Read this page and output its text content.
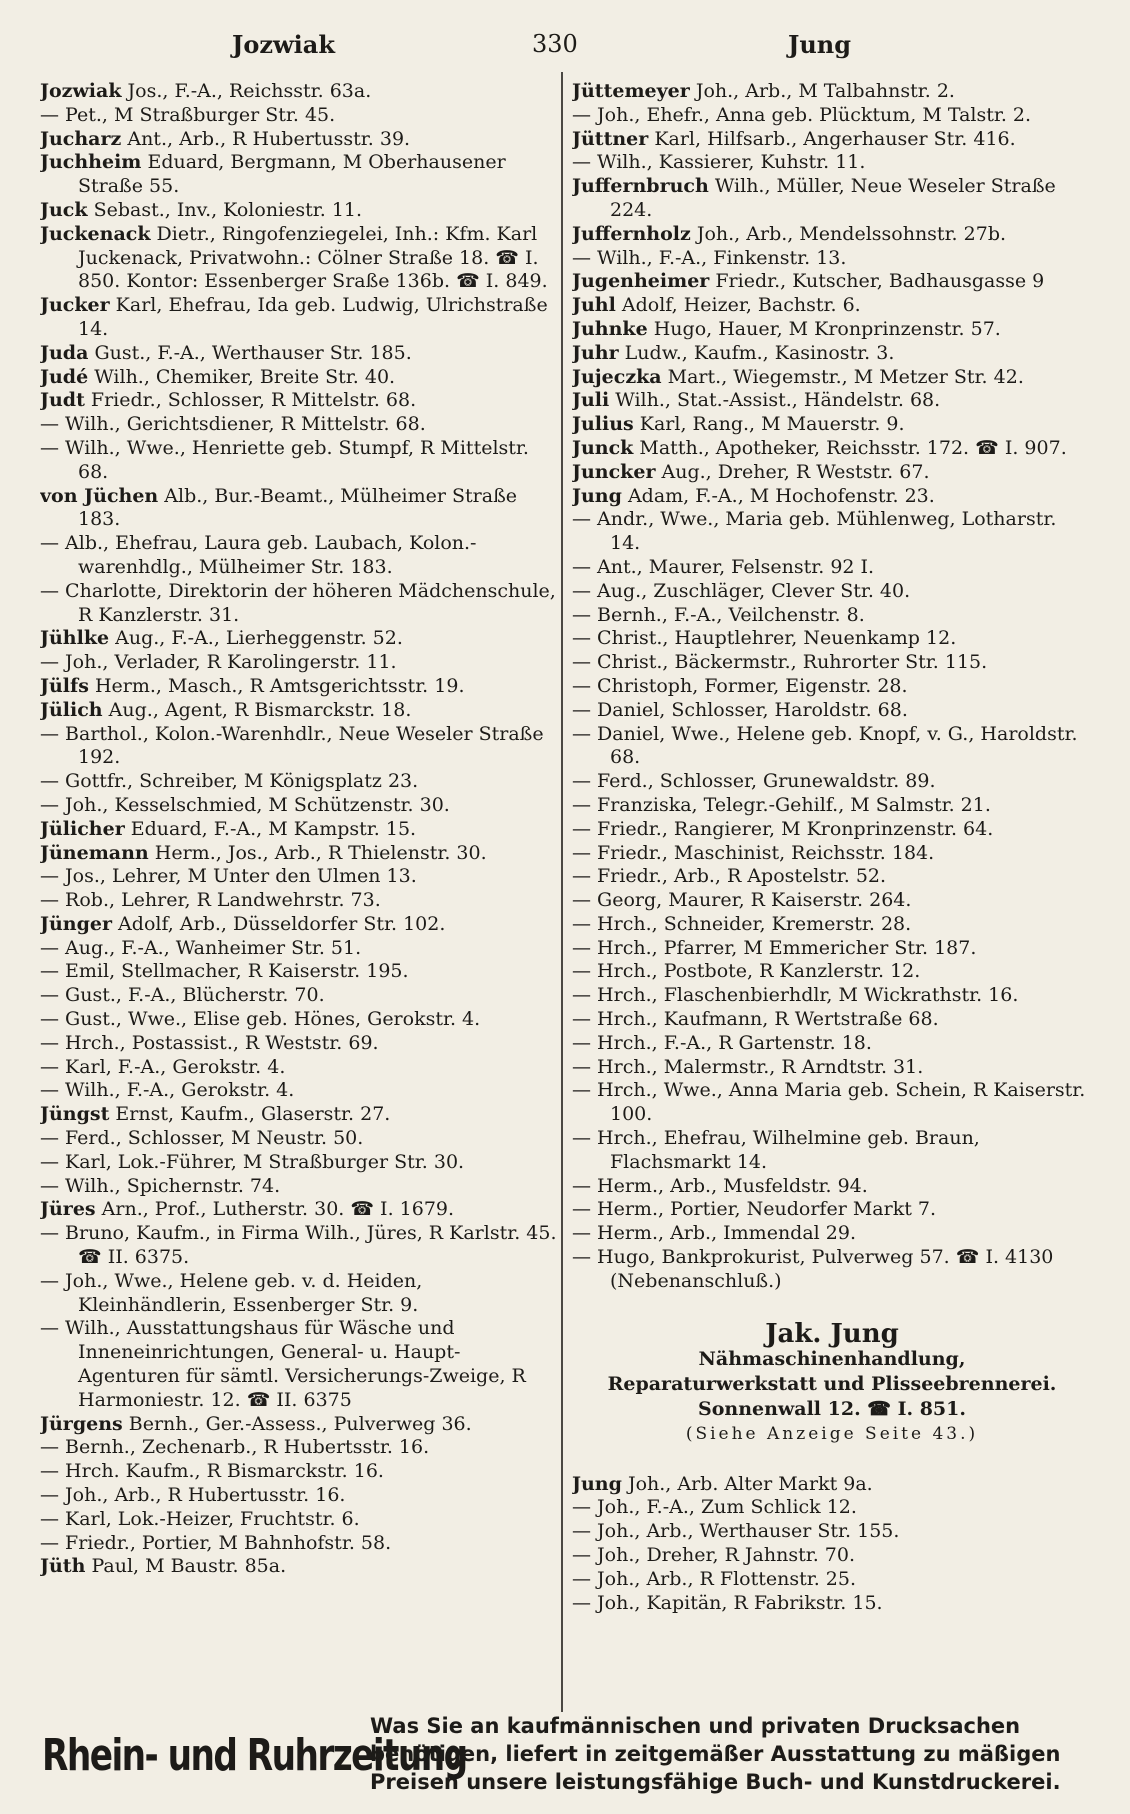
Jozwiak	330	Jung

Jozwiak Jos., F.-A., Reichsstr. 63a.

— Pet., M Straßburger Str. 45.

Jucharz Ant., Arb., R Hubertusstr. 39.

Juchheim Eduard, Bergmann, M Oberhausener Straße 55.

Juck Sebast., Inv., Koloniestr. 11.

Juckenack Dietr., Ringofenziegelei, Inh.: Kfm. Karl Juckenack, Privatwohn.: Cölner Straße 18. ☎ I. 850. Kontor: Essenberger Sraße 136b. ☎ I. 849.

Jucker Karl, Ehefrau, Ida geb. Ludwig, Ulrichstraße 14.

Juda Gust., F.-A., Werthauser Str. 185.

Judé Wilh., Chemiker, Breite Str. 40.

Judt Friedr., Schlosser, R Mittelstr. 68.

— Wilh., Gerichtsdiener, R Mittelstr. 68.

— Wilh., Wwe., Henriette geb. Stumpf, R Mittelstr. 68.

von Jüchen Alb., Bur.-Beamt., Mülheimer Straße 183.

— Alb., Ehefrau, Laura geb. Laubach, Kolon.-warenhdlg., Mülheimer Str. 183.

— Charlotte, Direktorin der höheren Mädchenschule, R Kanzlerstr. 31.

Jühlke Aug., F.-A., Lierheggenstr. 52.

— Joh., Verlader, R Karolingerstr. 11.

Jülfs Herm., Masch., R Amtsgerichtsstr. 19.

Jülich Aug., Agent, R Bismarckstr. 18.

— Barthol., Kolon.-Warenhdlr., Neue Weseler Straße 192.

— Gottfr., Schreiber, M Königsplatz 23.

— Joh., Kesselschmied, M Schützenstr. 30.

Jülicher Eduard, F.-A., M Kampstr. 15.

Jünemann Herm., Jos., Arb., R Thielenstr. 30.

— Jos., Lehrer, M Unter den Ulmen 13.

— Rob., Lehrer, R Landwehrstr. 73.

Jünger Adolf, Arb., Düsseldorfer Str. 102.

— Aug., F.-A., Wanheimer Str. 51.

— Emil, Stellmacher, R Kaiserstr. 195.

— Gust., F.-A., Blücherstr. 70.

— Gust., Wwe., Elise geb. Hönes, Gerokstr. 4.

— Hrch., Postassist., R Weststr. 69.

— Karl, F.-A., Gerokstr. 4.

— Wilh., F.-A., Gerokstr. 4.

Jüngst Ernst, Kaufm., Glaserstr. 27.

— Ferd., Schlosser, M Neustr. 50.

— Karl, Lok.-Führer, M Straßburger Str. 30.

— Wilh., Spichernstr. 74.

Jüres Arn., Prof., Lutherstr. 30. ☎ I. 1679.

— Bruno, Kaufm., in Firma Wilh., Jüres, R Karlstr. 45. ☎ II. 6375.

— Joh., Wwe., Helene geb. v. d. Heiden, Kleinhändlerin, Essenberger Str. 9.

— Wilh., Ausstattungshaus für Wäsche und Inneneinrichtungen, General- u. Haupt-Agenturen für sämtl. Versicherungs-Zweige, R Harmoniestr. 12. ☎ II. 6375

Jürgens Bernh., Ger.-Assess., Pulverweg 36.

— Bernh., Zechenarb., R Hubertsstr. 16.

— Hrch. Kaufm., R Bismarckstr. 16.

— Joh., Arb., R Hubertusstr. 16.

— Karl, Lok.-Heizer, Fruchtstr. 6.

— Friedr., Portier, M Bahnhofstr. 58.

Jüth Paul, M Baustr. 85a.

Jüttemeyer Joh., Arb., M Talbahnstr. 2.

— Joh., Ehefr., Anna geb. Plücktum, M Talstr. 2.

Jüttner Karl, Hilfsarb., Angerhauser Str. 416.

— Wilh., Kassierer, Kuhstr. 11.

Juffernbruch Wilh., Müller, Neue Weseler Straße 224.

Juffernholz Joh., Arb., Mendelssohnstr. 27b.

— Wilh., F.-A., Finkenstr. 13.

Jugenheimer Friedr., Kutscher, Badhausgasse 9

Juhl Adolf, Heizer, Bachstr. 6.

Juhnke Hugo, Hauer, M Kronprinzenstr. 57.

Juhr Ludw., Kaufm., Kasinostr. 3.

Jujeczka Mart., Wiegemstr., M Metzer Str. 42.

Juli Wilh., Stat.-Assist., Händelstr. 68.

Julius Karl, Rang., M Mauerstr. 9.

Junck Matth., Apotheker, Reichsstr. 172. ☎ I. 907.

Juncker Aug., Dreher, R Weststr. 67.

Jung Adam, F.-A., M Hochofenstr. 23.

— Andr., Wwe., Maria geb. Mühlenweg, Lotharstr. 14.

— Ant., Maurer, Felsenstr. 92 I.

— Aug., Zuschläger, Clever Str. 40.

— Bernh., F.-A., Veilchenstr. 8.

— Christ., Hauptlehrer, Neuenkamp 12.

— Christ., Bäckermstr., Ruhrorter Str. 115.

— Christoph, Former, Eigenstr. 28.

— Daniel, Schlosser, Haroldstr. 68.

— Daniel, Wwe., Helene geb. Knopf, v. G., Haroldstr. 68.

— Ferd., Schlosser, Grunewaldstr. 89.

— Franziska, Telegr.-Gehilf., M Salmstr. 21.

— Friedr., Rangierer, M Kronprinzenstr. 64.

— Friedr., Maschinist, Reichsstr. 184.

— Friedr., Arb., R Apostelstr. 52.

— Georg, Maurer, R Kaiserstr. 264.

— Hrch., Schneider, Kremerstr. 28.

— Hrch., Pfarrer, M Emmericher Str. 187.

— Hrch., Postbote, R Kanzlerstr. 12.

— Hrch., Flaschenbierhdlr, M Wickrathstr. 16.

— Hrch., Kaufmann, R Wertstraße 68.

— Hrch., F.-A., R Gartenstr. 18.

— Hrch., Malermstr., R Arndtstr. 31.

— Hrch., Wwe., Anna Maria geb. Schein, R Kaiserstr. 100.

— Hrch., Ehefrau, Wilhelmine geb. Braun, Flachsmarkt 14.

— Herm., Arb., Musfeldstr. 94.

— Herm., Portier, Neudorfer Markt 7.

— Herm., Arb., Immendal 29.

— Hugo, Bankprokurist, Pulverweg 57. ☎ I. 4130 (Nebenanschluß.)

Jak. Jung
Nähmaschinenhandlung,
Reparaturwerkstatt und Plisseebrennerei.
Sonnenwall 12. ☎ I. 851.
(Siehe Anzeige Seite 43.)

Jung Joh., Arb. Alter Markt 9a.

— Joh., F.-A., Zum Schlick 12.

— Joh., Arb., Werthauser Str. 155.

— Joh., Dreher, R Jahnstr. 70.

— Joh., Arb., R Flottenstr. 25.

— Joh., Kapitän, R Fabrikstr. 15.

Rhein- und Ruhrzeitung
Was Sie an kaufmännischen und privaten Drucksachen
benötigen, liefert in zeitgemäßer Ausstattung zu mäßigen
Preisen unsere leistungsfähige Buch- und Kunstdruckerei.
